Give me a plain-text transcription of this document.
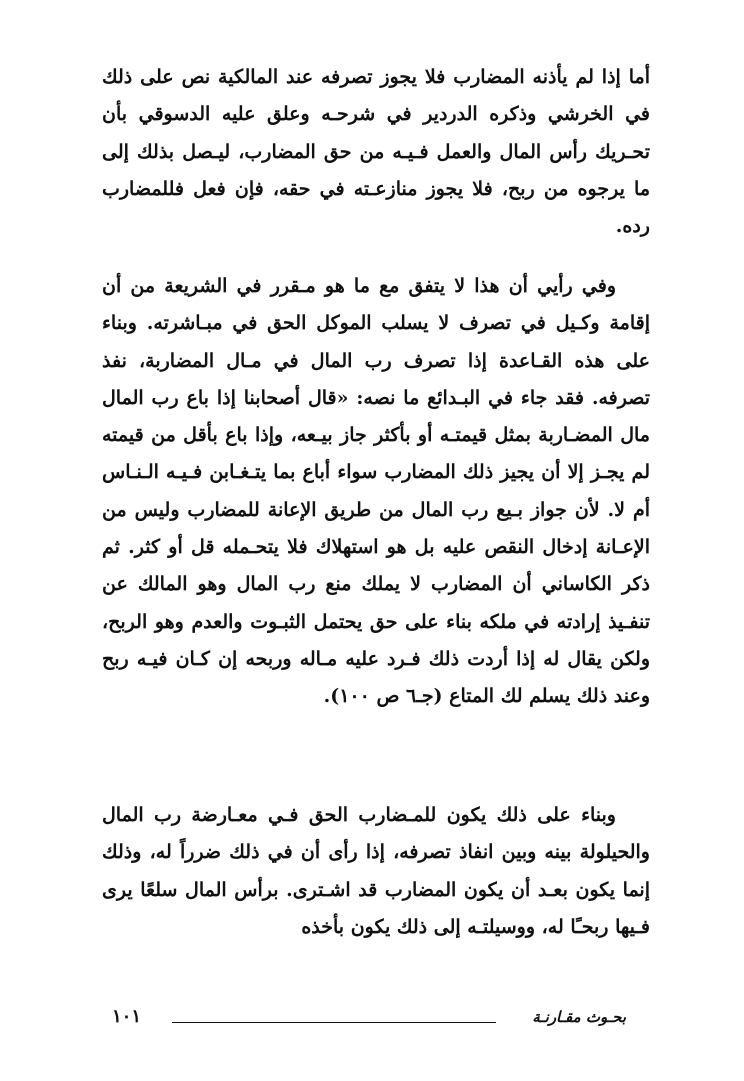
أما إذا لم يأذنه المضارب فلا يجوز تصرفه عند المالكية نص على ذلك في الخرشي وذكره الدردير في شرحـه وعلق عليه الدسوقي بأن تحـريك رأس المال والعمل فـيـه من حق المضارب، ليـصل بذلك إلى ما يرجوه من ربح، فلا يجوز منازعـته في حقه، فإن فعل فللمضارب رده.

وفي رأيي أن هذا لا يتفق مع ما هو مـقرر في الشريعة من أن إقامة وكـيل في تصرف لا يسلب الموكل الحق في مبـاشرته. وبناء على هذه القـاعدة إذا تصرف رب المال في مـال المضاربة، نفذ تصرفه. فقد جاء في البـدائع ما نصه: «قال أصحابنا إذا باع رب المال مال المضـاربة بمثل قيمتـه أو بأكثر جاز بيـعه، وإذا باع بأقل من قيمته لم يجـز إلا أن يجيز ذلك المضارب سواء أباع بما يتـغـابن فـيـه الـنـاس أم لا. لأن جواز بـيع رب المال من طريق الإعانة للمضارب وليس من الإعـانة إدخال النقص عليه بل هو استهلاك فلا يتحـمله قل أو كثر. ثم ذكر الكاساني أن المضارب لا يملك منع رب المال وهو المالك عن تنفـيذ إرادته في ملكه بناء على حق يحتمل الثبـوت والعدم وهو الربح، ولكن يقال له إذا أردت ذلك فـرد عليه مـاله وربحه إن كـان فيـه ربح وعند ذلك يسلم لك المتاع (جـ٦ ص ١٠٠).

وبناء على ذلك يكون للمـضارب الحق فـي معـارضة رب المال والحيلولة بينه وبين انفاذ تصرفه، إذا رأى أن في ذلك ضرراً له، وذلك إنما يكون بعـد أن يكون المضارب قد اشـترى. برأس المال سلعًا يرى فـيها ربحـًا له، ووسيلتـه إلى ذلك يكون بأخذه

بحـوث مقـارنـة
١٠١
